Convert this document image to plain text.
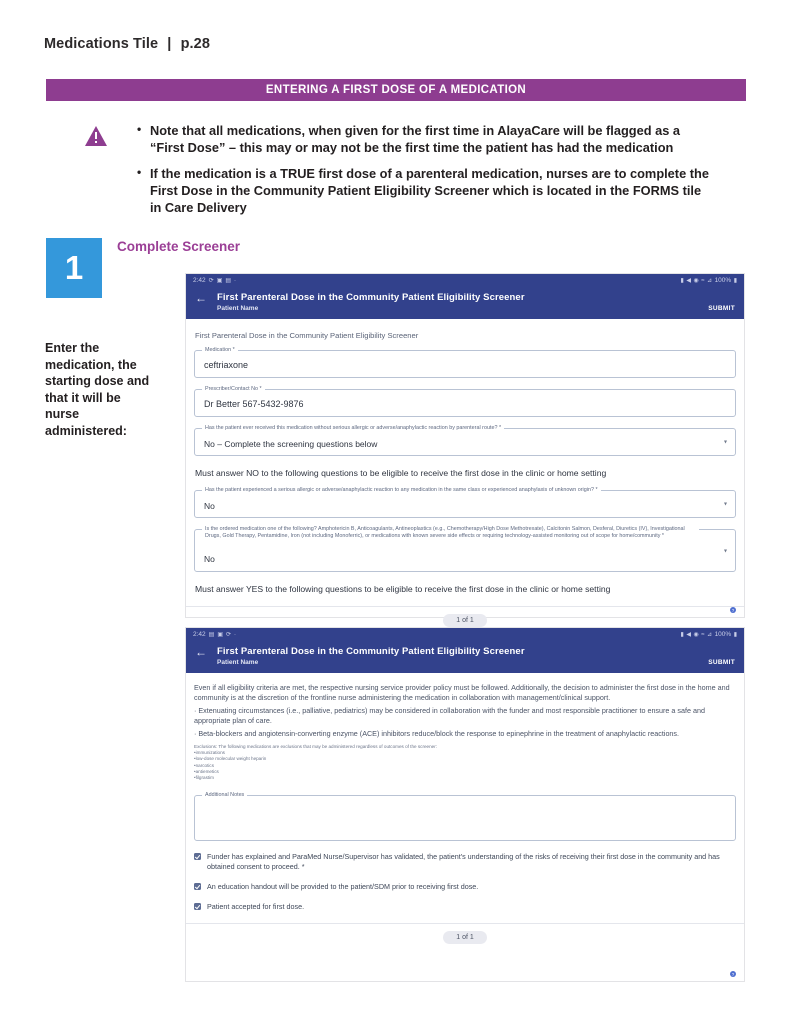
Medications Tile | p.28
ENTERING A FIRST DOSE OF A MEDICATION
• Note that all medications, when given for the first time in AlayaCare will be flagged as a “First Dose” – this may or may not be the first time the patient has had the medication
• If the medication is a TRUE first dose of a parenteral medication, nurses are to complete the First Dose in the Community Patient Eligibility Screener which is located in the FORMS tile in Care Delivery
1
Complete Screener
Enter the medication, the starting dose and that it will be nurse administered:
2:42 ⟳ ▣ ▤ ·	▮ ◀ ◉ ≈ ⊿ 100% ▮
← First Parenteral Dose in the Community Patient Eligibility Screener
Patient Name	SUBMIT
First Parenteral Dose in the Community Patient Eligibility Screener
Medication *
ceftriaxone
Prescriber/Contact No *
Dr Better 567-5432-9876
Has the patient ever received this medication without serious allergic or adverse/anaphylactic reaction by parenteral route? *
No – Complete the screening questions below	▾
Must answer NO to the following questions to be eligible to receive the first dose in the clinic or home setting
Has the patient experienced a serious allergic or adverse/anaphylactic reaction to any medication in the same class or experienced anaphylaxis of unknown origin? *
No	▾
Is the ordered medication one of the following? Amphotericin B, Anticoagulants, Antineoplastics (e.g., Chemotherapy/High Dose Methotrexate), Calcitonin Salmon, Desferal, Diuretics (IV), Investigational Drugs, Gold Therapy, Pentamidine, Iron (not including Monoferric), or medications with known severe side effects or requiring technology-assisted monitoring out of scope for home/community *
No
▾
Must answer YES to the following questions to be eligible to receive the first dose in the clinic or home setting
1 of 1
?
2:42 ▤ ▣ ⟳ ·	▮ ◀ ◉ ≈ ⊿ 100% ▮
← First Parenteral Dose in the Community Patient Eligibility Screener
Patient Name	SUBMIT
Even if all eligibility criteria are met, the respective nursing service provider policy must be followed. Additionally, the decision to administer the first dose in the home and community is at the discretion of the frontline nurse administering the medication in collaboration with management/clinical support.
· Extenuating circumstances (i.e., palliative, pediatrics) may be considered in collaboration with the funder and most responsible practitioner to ensure a safe and appropriate plan of care.
· Beta-blockers and angiotensin-converting enzyme (ACE) inhibitors reduce/block the response to epinephrine in the treatment of anaphylactic reactions.
Exclusions: The following medications are exclusions that may be administered regardless of outcomes of the screener:
•immunizations
•low-dose molecular weight heparin
•narcotics
•antiemetics
•filgrastim
Additional Notes
Funder has explained and ParaMed Nurse/Supervisor has validated, the patient's understanding of the risks of receiving their first dose in the community and has obtained consent to proceed. *
An education handout will be provided to the patient/SDM prior to receiving first dose.
Patient accepted for first dose.
1 of 1
?
